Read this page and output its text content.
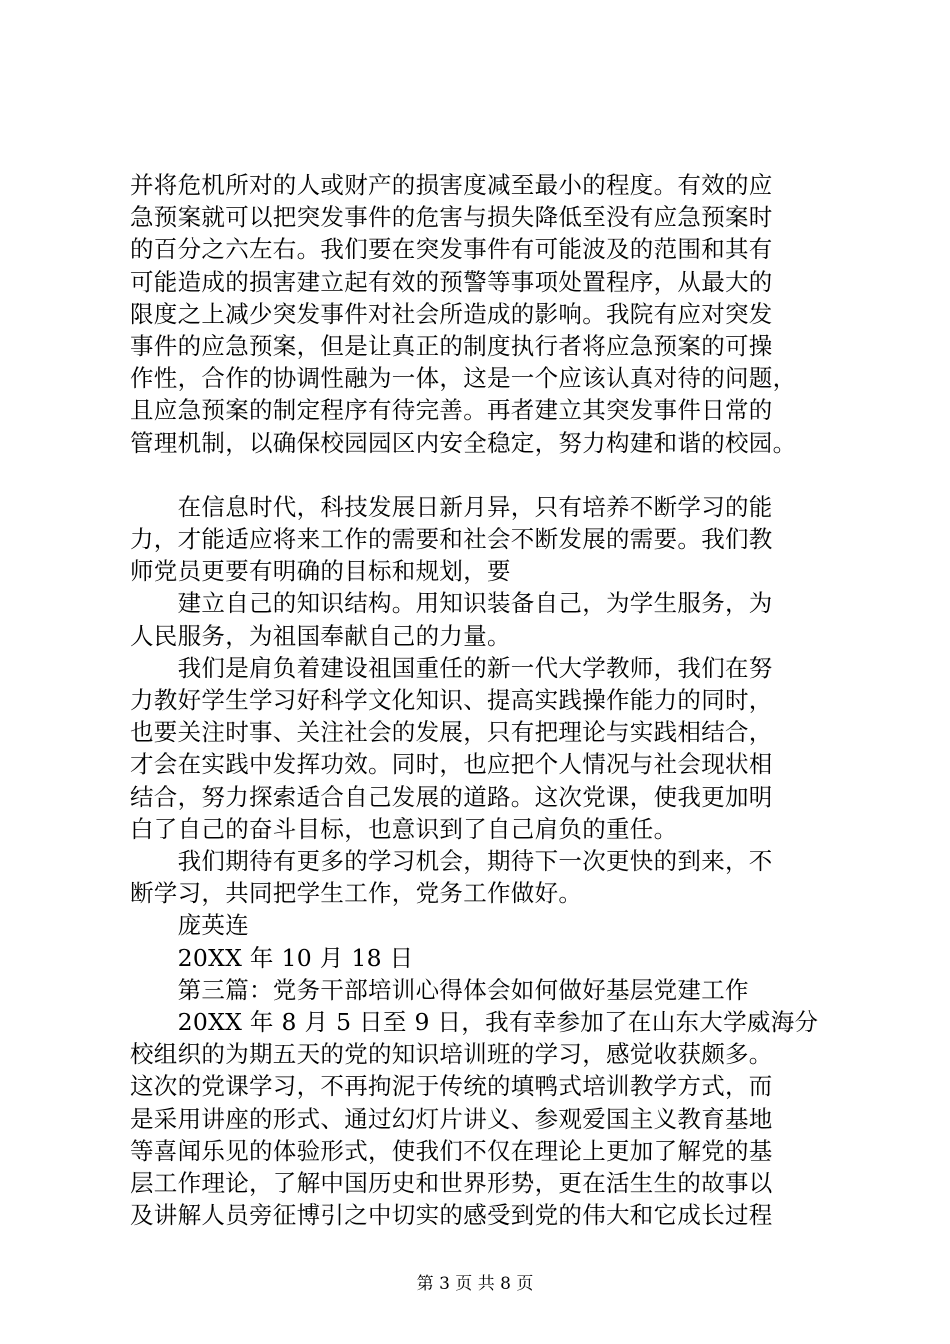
并将危机所对的人或财产的损害度减至最小的程度。有效的应

急预案就可以把突发事件的危害与损失降低至没有应急预案时

的百分之六左右。我们要在突发事件有可能波及的范围和其有

可能造成的损害建立起有效的预警等事项处置程序，从最大的

限度之上减少突发事件对社会所造成的影响。我院有应对突发

事件的应急预案，但是让真正的制度执行者将应急预案的可操

作性，合作的协调性融为一体，这是一个应该认真对待的问题，

且应急预案的制定程序有待完善。再者建立其突发事件日常的

管理机制，以确保校园园区内安全稳定，努力构建和谐的校园。

　　在信息时代，科技发展日新月异，只有培养不断学习的能

力，才能适应将来工作的需要和社会不断发展的需要。我们教

师党员更要有明确的目标和规划，要

　　建立自己的知识结构。用知识装备自己，为学生服务，为

人民服务，为祖国奉献自己的力量。

　　我们是肩负着建设祖国重任的新一代大学教师，我们在努

力教好学生学习好科学文化知识、提高实践操作能力的同时，

也要关注时事、关注社会的发展，只有把理论与实践相结合，

才会在实践中发挥功效。同时，也应把个人情况与社会现状相

结合，努力探索适合自己发展的道路。这次党课，使我更加明

白了自己的奋斗目标，也意识到了自己肩负的重任。

　　我们期待有更多的学习机会，期待下一次更快的到来，不

断学习，共同把学生工作，党务工作做好。

　　庞英连

　　20XX 年 10 月 18 日

　　第三篇：党务干部培训心得体会如何做好基层党建工作

　　20XX 年 8 月 5 日至 9 日，我有幸参加了在山东大学威海分

校组织的为期五天的党的知识培训班的学习，感觉收获颇多。

这次的党课学习，不再拘泥于传统的填鸭式培训教学方式，而

是采用讲座的形式、通过幻灯片讲义、参观爱国主义教育基地

等喜闻乐见的体验形式，使我们不仅在理论上更加了解党的基

层工作理论，了解中国历史和世界形势，更在活生生的故事以

及讲解人员旁征博引之中切实的感受到党的伟大和它成长过程

第 3 页 共 8 页
